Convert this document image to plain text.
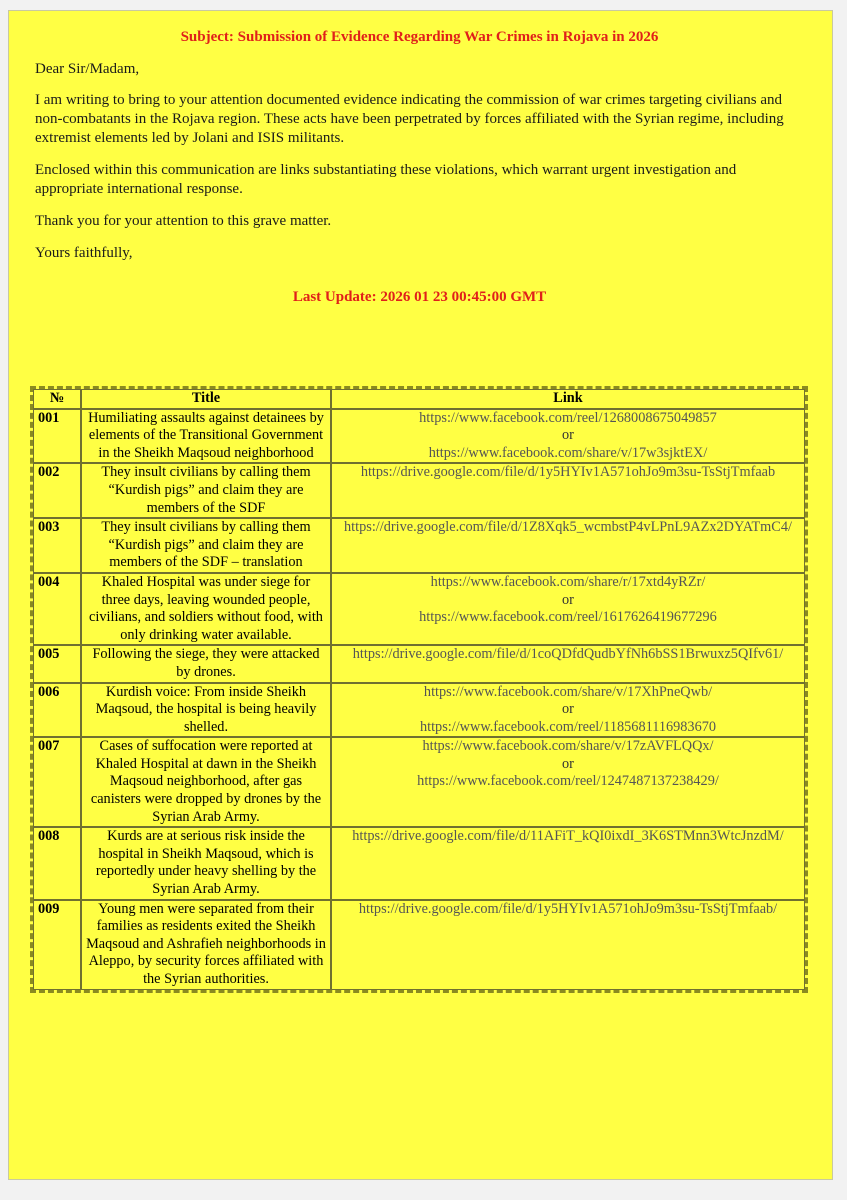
Subject: Submission of Evidence Regarding War Crimes in Rojava in 2026

Dear Sir/Madam,

I am writing to bring to your attention documented evidence indicating the commission of war crimes targeting civilians and non-combatants in the Rojava region. These acts have been perpetrated by forces affiliated with the Syrian regime, including extremist elements led by Jolani and ISIS militants.

Enclosed within this communication are links substantiating these violations, which warrant urgent investigation and appropriate international response.

Thank you for your attention to this grave matter.

Yours faithfully,

Last Update: 2026 01 23 00:45:00 GMT

№	Title	Link
001	Humiliating assaults against detainees by elements of the Transitional Government in the Sheikh Maqsoud neighborhood	https://www.facebook.com/reel/1268008675049857
or
https://www.facebook.com/share/v/17w3sjktEX/

002	They insult civilians by calling them “Kurdish pigs” and claim they are members of the SDF	https://drive.google.com/file/d/1y5HYIv1A571ohJo9m3su-TsStjTmfaab

003	They insult civilians by calling them “Kurdish pigs” and claim they are members of the SDF – translation	https://drive.google.com/file/d/1Z8Xqk5_wcmbstP4vLPnL9AZx2DYATmC4/

004	Khaled Hospital was under siege for three days, leaving wounded people, civilians, and soldiers without food, with only drinking water available.	https://www.facebook.com/share/r/17xtd4yRZr/
or
https://www.facebook.com/reel/1617626419677296

005	Following the siege, they were attacked by drones.	https://drive.google.com/file/d/1coQDfdQudbYfNh6bSS1Brwuxz5QIfv61/

006	Kurdish voice: From inside Sheikh Maqsoud, the hospital is being heavily shelled.	https://www.facebook.com/share/v/17XhPneQwb/
or
https://www.facebook.com/reel/1185681116983670

007	Cases of suffocation were reported at Khaled Hospital at dawn in the Sheikh Maqsoud neighborhood, after gas canisters were dropped by drones by the Syrian Arab Army.	https://www.facebook.com/share/v/17zAVFLQQx/
or
https://www.facebook.com/reel/1247487137238429/

008	Kurds are at serious risk inside the hospital in Sheikh Maqsoud, which is reportedly under heavy shelling by the Syrian Arab Army.	https://drive.google.com/file/d/11AFiT_kQI0ixdI_3K6STMnn3WtcJnzdM/

009	Young men were separated from their families as residents exited the Sheikh Maqsoud and Ashrafieh neighborhoods in Aleppo, by security forces affiliated with the Syrian authorities.	https://drive.google.com/file/d/1y5HYIv1A571ohJo9m3su-TsStjTmfaab/
